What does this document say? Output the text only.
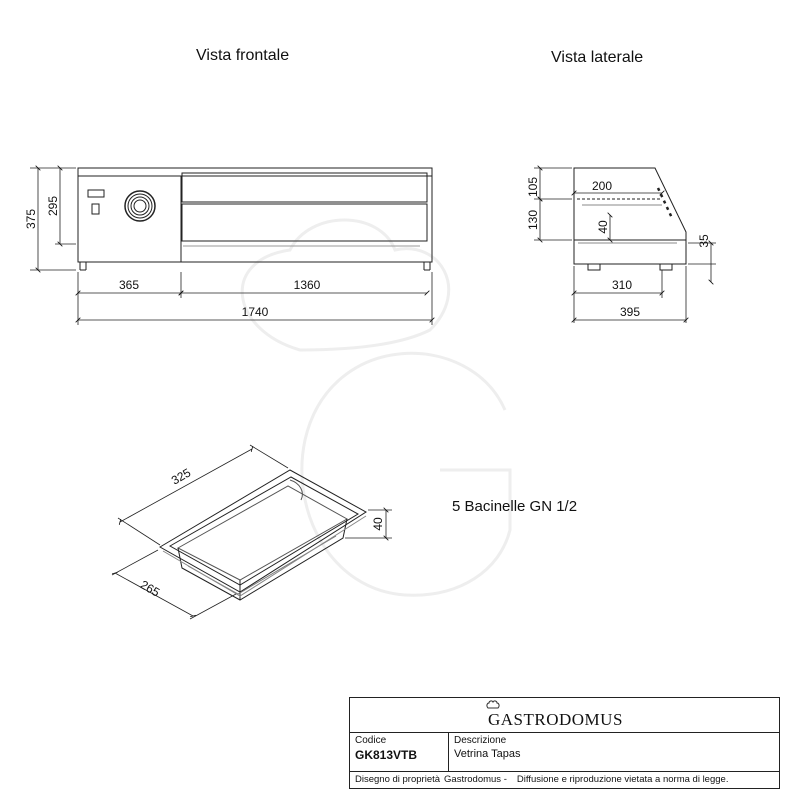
Vista frontale	Vista laterale
375
295
365	1360
1740
105	200
130	40
35
310
395
325
265
40
5 Bacinelle GN 1/2
GASTRODOMUS
Codice
GK813VTB
Descrizione
Vetrina Tapas
Disegno di proprietà Gastrodomus - Diffusione e riproduzione vietata a norma di legge.
